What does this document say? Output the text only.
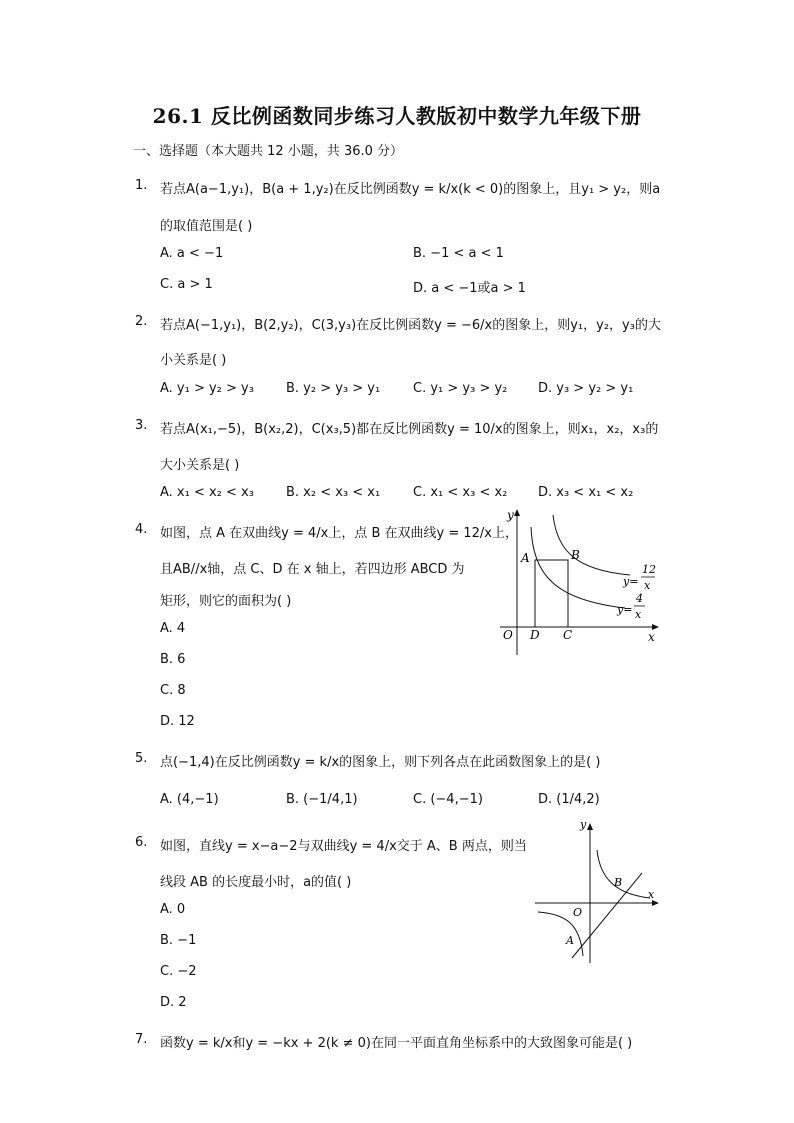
26.1 反比例函数同步练习人教版初中数学九年级下册
一、选择题（本大题共 12 小题，共 36.0 分）
1. 若点A(a−1,y₁)，B(a + 1,y₂)在反比例函数y = k/x(k < 0)的图象上，且y₁ > y₂，则a
的取值范围是( )
A. a < −1	B. −1 < a < 1
C. a > 1	D. a < −1或a > 1
2. 若点A(−1,y₁)，B(2,y₂)，C(3,y₃)在反比例函数y = −6/x的图象上，则y₁，y₂，y₃的大
小关系是( )
A. y₁ > y₂ > y₃ B. y₂ > y₃ > y₁	C. y₁ > y₃ > y₂ D. y₃ > y₂ > y₁
3. 若点A(x₁,−5)，B(x₂,2)，C(x₃,5)都在反比例函数y = 10/x的图象上，则x₁，x₂，x₃的
大小关系是( )
A. x₁ < x₂ < x₃ B. x₂ < x₃ < x₁	C. x₁ < x₃ < x₂ D. x₃ < x₁ < x₂
4. 如图，点 A 在双曲线y = 4/x上，点 B 在双曲线y = 12/x上，
且AB//x轴，点 C、D 在 x 轴上，若四边形 ABCD 为
矩形，则它的面积为( )
A. 4
B. 6
C. 8
D. 12
y
x
O
A	B
C
D
y=
12
x
y=
4
x
5. 点(−1,4)在反比例函数y = k/x的图象上，则下列各点在此函数图象上的是( )
A. (4,−1)	B. (−1/4,1)	C. (−4,−1)	D. (1/4,2)
6. 如图，直线y = x−a−2与双曲线y = 4/x交于 A、B 两点，则当
线段 AB 的长度最小时，a的值( )
A. 0
B. −1
C. −2
D. 2
y
x
O
A
B
7. 函数y = k/x和y = −kx + 2(k ≠ 0)在同一平面直角坐标系中的大致图象可能是( )
